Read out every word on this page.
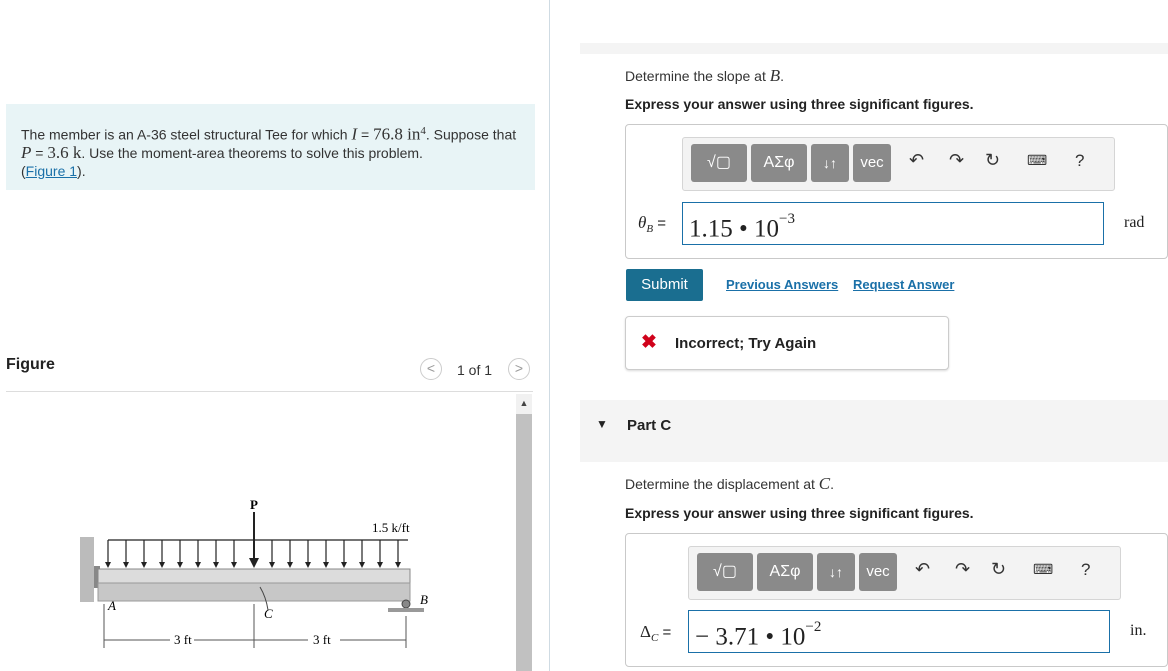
The member is an A-36 steel structural Tee for which I = 76.8 $in^4$. Suppose that P = 3.6 k. Use the moment-area theorems to solve this problem.
(Figure 1).
Figure	<	1 of 1	>
P
1.5 k/ft
C
A	B
3 ft	3 ft
▲
Determine the slope at B.
Express your answer using three significant figures.
√▢	ΑΣφ	↓↑	vec	↶ ↷ ↻ ⌨ ?
$\theta_B = 1.15$ • $10^{-3}$	rad
Submit	Previous Answers Request Answer
✖ Incorrect; Try Again
▼ Part C
Determine the displacement at C.
Express your answer using three significant figures.
√▢	ΑΣφ	↓↑	vec	↶ ↷ ↻ ⌨ ?
$\Delta_C$ = − 3.71 • $10^{-2}$	in.
